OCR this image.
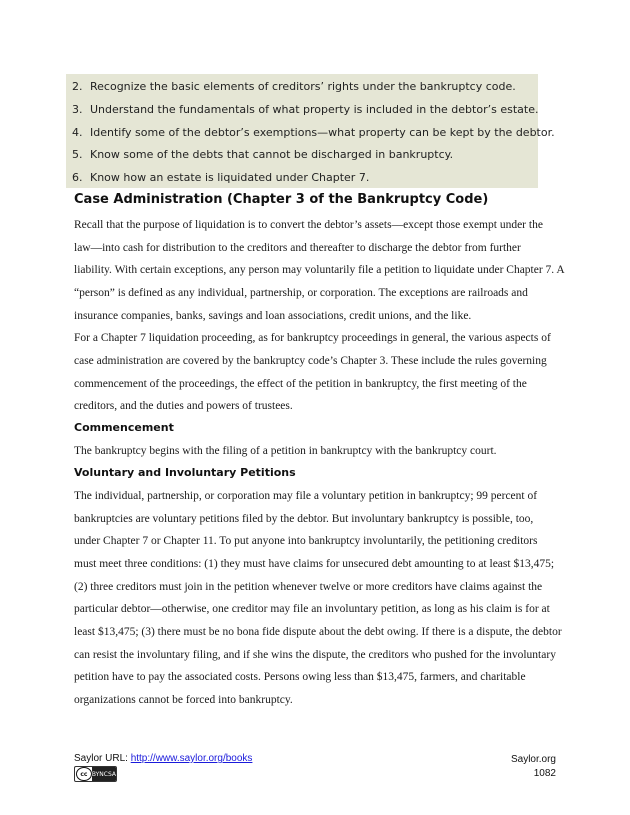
2. Recognize the basic elements of creditors’ rights under the bankruptcy code.
3. Understand the fundamentals of what property is included in the debtor’s estate.
4. Identify some of the debtor’s exemptions—what property can be kept by the debtor.
5. Know some of the debts that cannot be discharged in bankruptcy.
6. Know how an estate is liquidated under Chapter 7.
Case Administration (Chapter 3 of the Bankruptcy Code)
Recall that the purpose of liquidation is to convert the debtor’s assets—except those exempt under the
law—into cash for distribution to the creditors and thereafter to discharge the debtor from further
liability. With certain exceptions, any person may voluntarily file a petition to liquidate under Chapter 7. A
“person” is defined as any individual, partnership, or corporation. The exceptions are railroads and
insurance companies, banks, savings and loan associations, credit unions, and the like.
For a Chapter 7 liquidation proceeding, as for bankruptcy proceedings in general, the various aspects of
case administration are covered by the bankruptcy code’s Chapter 3. These include the rules governing
commencement of the proceedings, the effect of the petition in bankruptcy, the first meeting of the
creditors, and the duties and powers of trustees.
Commencement
The bankruptcy begins with the filing of a petition in bankruptcy with the bankruptcy court.
Voluntary and Involuntary Petitions
The individual, partnership, or corporation may file a voluntary petition in bankruptcy; 99 percent of
bankruptcies are voluntary petitions filed by the debtor. But involuntary bankruptcy is possible, too,
under Chapter 7 or Chapter 11. To put anyone into bankruptcy involuntarily, the petitioning creditors
must meet three conditions: (1) they must have claims for unsecured debt amounting to at least $13,475;
(2) three creditors must join in the petition whenever twelve or more creditors have claims against the
particular debtor—otherwise, one creditor may file an involuntary petition, as long as his claim is for at
least $13,475; (3) there must be no bona fide dispute about the debt owing. If there is a dispute, the debtor
can resist the involuntary filing, and if she wins the dispute, the creditors who pushed for the involuntary
petition have to pay the associated costs. Persons owing less than $13,475, farmers, and charitable
organizations cannot be forced into bankruptcy.
Saylor URL: http://www.saylor.org/books
cc BY NC SA
Saylor.org
1082
